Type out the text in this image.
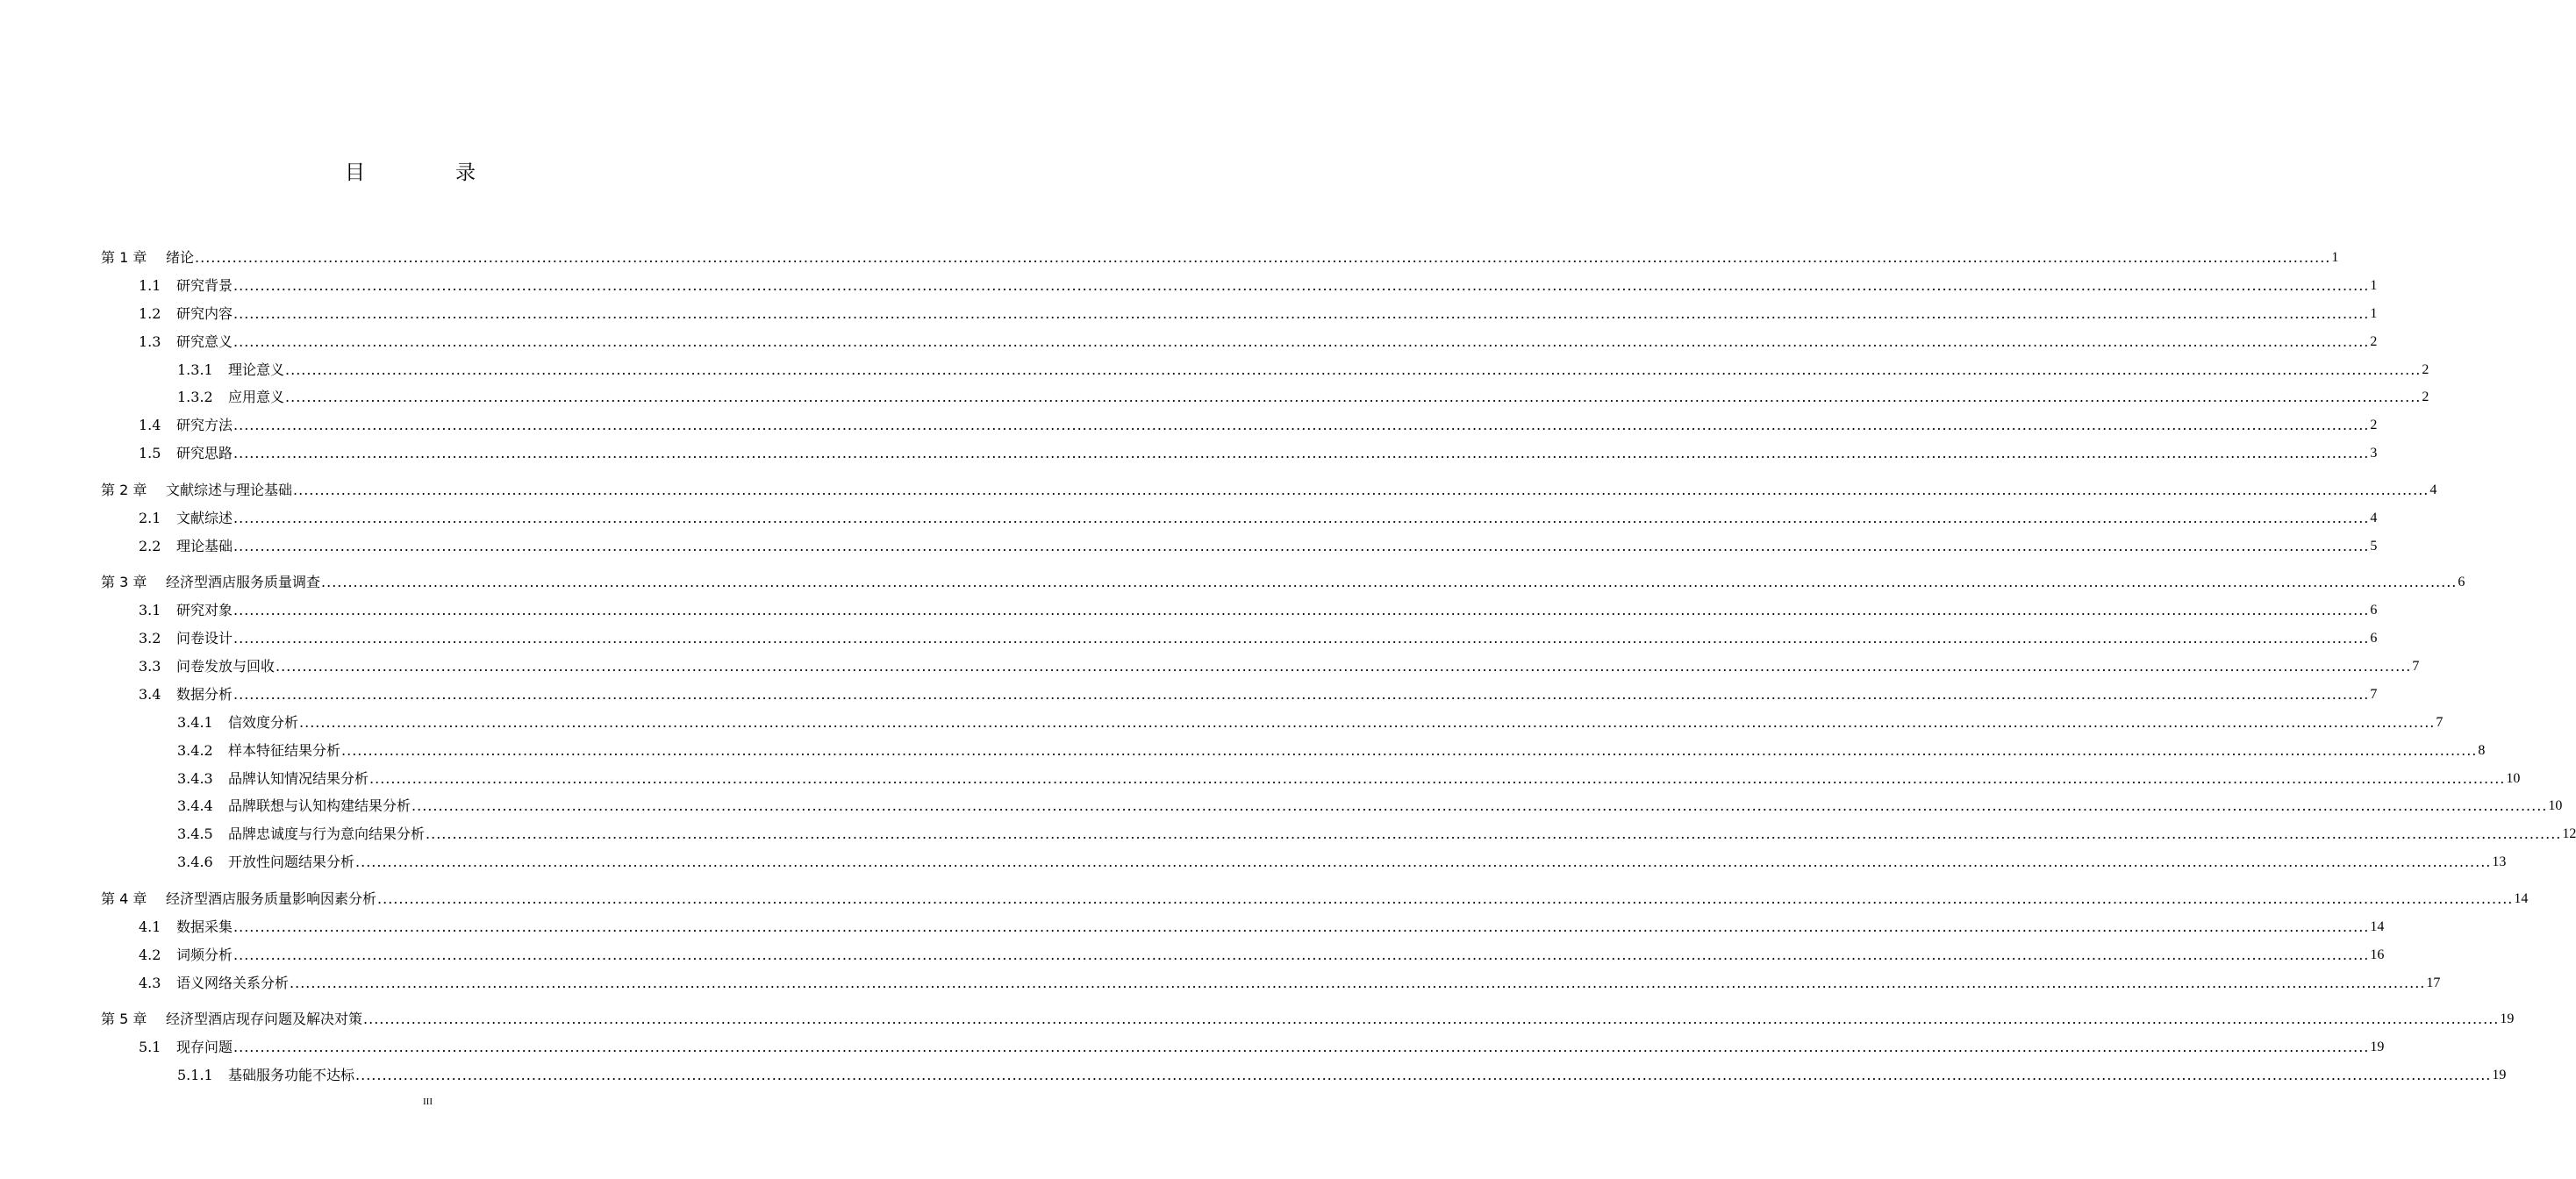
目　录
第 1 章	绪论 ................................................................................................................................................................................................................................................................................................................................................................................................................ 1
1.1	研究背景 ................................................................................................................................................................................................................................................................................................................................................................................................................ 1
1.2	研究内容 ................................................................................................................................................................................................................................................................................................................................................................................................................ 1
1.3	研究意义 ................................................................................................................................................................................................................................................................................................................................................................................................................ 2
1.3.1	理论意义 ................................................................................................................................................................................................................................................................................................................................................................................................................ 2
1.3.2	应用意义 ................................................................................................................................................................................................................................................................................................................................................................................................................ 2
1.4	研究方法 ................................................................................................................................................................................................................................................................................................................................................................................................................ 2
1.5	研究思路 ................................................................................................................................................................................................................................................................................................................................................................................................................ 3
第 2 章	文献综述与理论基础 ................................................................................................................................................................................................................................................................................................................................................................................................................ 4
2.1	文献综述 ................................................................................................................................................................................................................................................................................................................................................................................................................ 4
2.2	理论基础 ................................................................................................................................................................................................................................................................................................................................................................................................................ 5
第 3 章	经济型酒店服务质量调查 ................................................................................................................................................................................................................................................................................................................................................................................................................ 6
3.1	研究对象 ................................................................................................................................................................................................................................................................................................................................................................................................................ 6
3.2	问卷设计 ................................................................................................................................................................................................................................................................................................................................................................................................................ 6
3.3	问卷发放与回收 ................................................................................................................................................................................................................................................................................................................................................................................................................ 7
3.4	数据分析 ................................................................................................................................................................................................................................................................................................................................................................................................................ 7
3.4.1	信效度分析 ................................................................................................................................................................................................................................................................................................................................................................................................................ 7
3.4.2	样本特征结果分析 ................................................................................................................................................................................................................................................................................................................................................................................................................ 8
3.4.3	品牌认知情况结果分析 ................................................................................................................................................................................................................................................................................................................................................................................................................ 10
3.4.4	品牌联想与认知构建结果分析 ................................................................................................................................................................................................................................................................................................................................................................................................................ 10
3.4.5	品牌忠诚度与行为意向结果分析 ................................................................................................................................................................................................................................................................................................................................................................................................................ 12
3.4.6	开放性问题结果分析 ................................................................................................................................................................................................................................................................................................................................................................................................................ 13
第 4 章	经济型酒店服务质量影响因素分析 ................................................................................................................................................................................................................................................................................................................................................................................................................ 14
4.1	数据采集 ................................................................................................................................................................................................................................................................................................................................................................................................................ 14
4.2	词频分析 ................................................................................................................................................................................................................................................................................................................................................................................................................ 16
4.3	语义网络关系分析 ................................................................................................................................................................................................................................................................................................................................................................................................................ 17
第 5 章	经济型酒店现存问题及解决对策 ................................................................................................................................................................................................................................................................................................................................................................................................................ 19
5.1	现存问题 ................................................................................................................................................................................................................................................................................................................................................................................................................ 19
5.1.1	基础服务功能不达标 ................................................................................................................................................................................................................................................................................................................................................................................................................ 19
III
